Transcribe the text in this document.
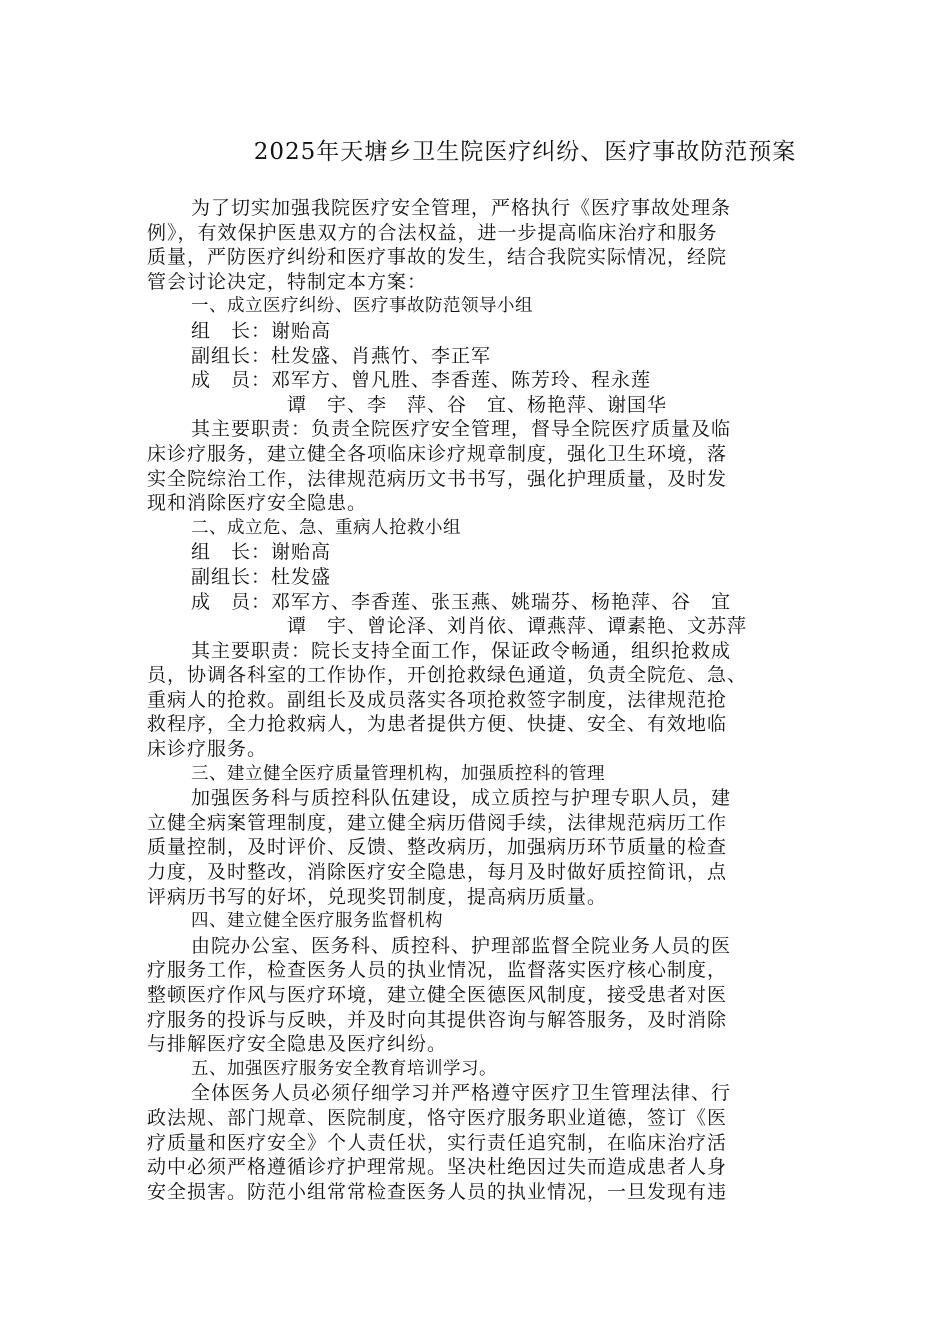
2025年天塘乡卫生院医疗纠纷、医疗事故防范预案
为了切实加强我院医疗安全管理，严格执行《医疗事故处理条
例》，有效保护医患双方的合法权益，进一步提高临床治疗和服务
质量，严防医疗纠纷和医疗事故的发生，结合我院实际情况，经院
管会讨论决定，特制定本方案：
一、成立医疗纠纷、医疗事故防范领导小组
组　长：谢贻高
副组长：杜发盛、肖燕竹、李正军
成　员：邓军方、曾凡胜、李香莲、陈芳玲、程永莲
谭　宇、李　萍、谷　宜、杨艳萍、谢国华
其主要职责：负责全院医疗安全管理，督导全院医疗质量及临
床诊疗服务，建立健全各项临床诊疗规章制度，强化卫生环境，落
实全院综治工作，法律规范病历文书书写，强化护理质量，及时发
现和消除医疗安全隐患。
二、成立危、急、重病人抢救小组
组　长：谢贻高
副组长：杜发盛
成　员：邓军方、李香莲、张玉燕、姚瑞芬、杨艳萍、谷　宜
谭　宇、曾论泽、刘肖依、谭燕萍、谭素艳、文苏萍
其主要职责：院长支持全面工作，保证政令畅通，组织抢救成
员，协调各科室的工作协作，开创抢救绿色通道，负责全院危、急、
重病人的抢救。副组长及成员落实各项抢救签字制度，法律规范抢
救程序，全力抢救病人，为患者提供方便、快捷、安全、有效地临
床诊疗服务。
三、建立健全医疗质量管理机构，加强质控科的管理
加强医务科与质控科队伍建设，成立质控与护理专职人员，建
立健全病案管理制度，建立健全病历借阅手续，法律规范病历工作
质量控制，及时评价、反馈、整改病历，加强病历环节质量的检查
力度，及时整改，消除医疗安全隐患，每月及时做好质控简讯，点
评病历书写的好坏，兑现奖罚制度，提高病历质量。
四、建立健全医疗服务监督机构
由院办公室、医务科、质控科、护理部监督全院业务人员的医
疗服务工作，检查医务人员的执业情况，监督落实医疗核心制度，
整顿医疗作风与医疗环境，建立健全医德医风制度，接受患者对医
疗服务的投诉与反映，并及时向其提供咨询与解答服务，及时消除
与排解医疗安全隐患及医疗纠纷。
五、加强医疗服务安全教育培训学习。
全体医务人员必须仔细学习并严格遵守医疗卫生管理法律、行
政法规、部门规章、医院制度，恪守医疗服务职业道德，签订《医
疗质量和医疗安全》个人责任状，实行责任追究制，在临床治疗活
动中必须严格遵循诊疗护理常规。坚决杜绝因过失而造成患者人身
安全损害。防范小组常常检查医务人员的执业情况，一旦发现有违
